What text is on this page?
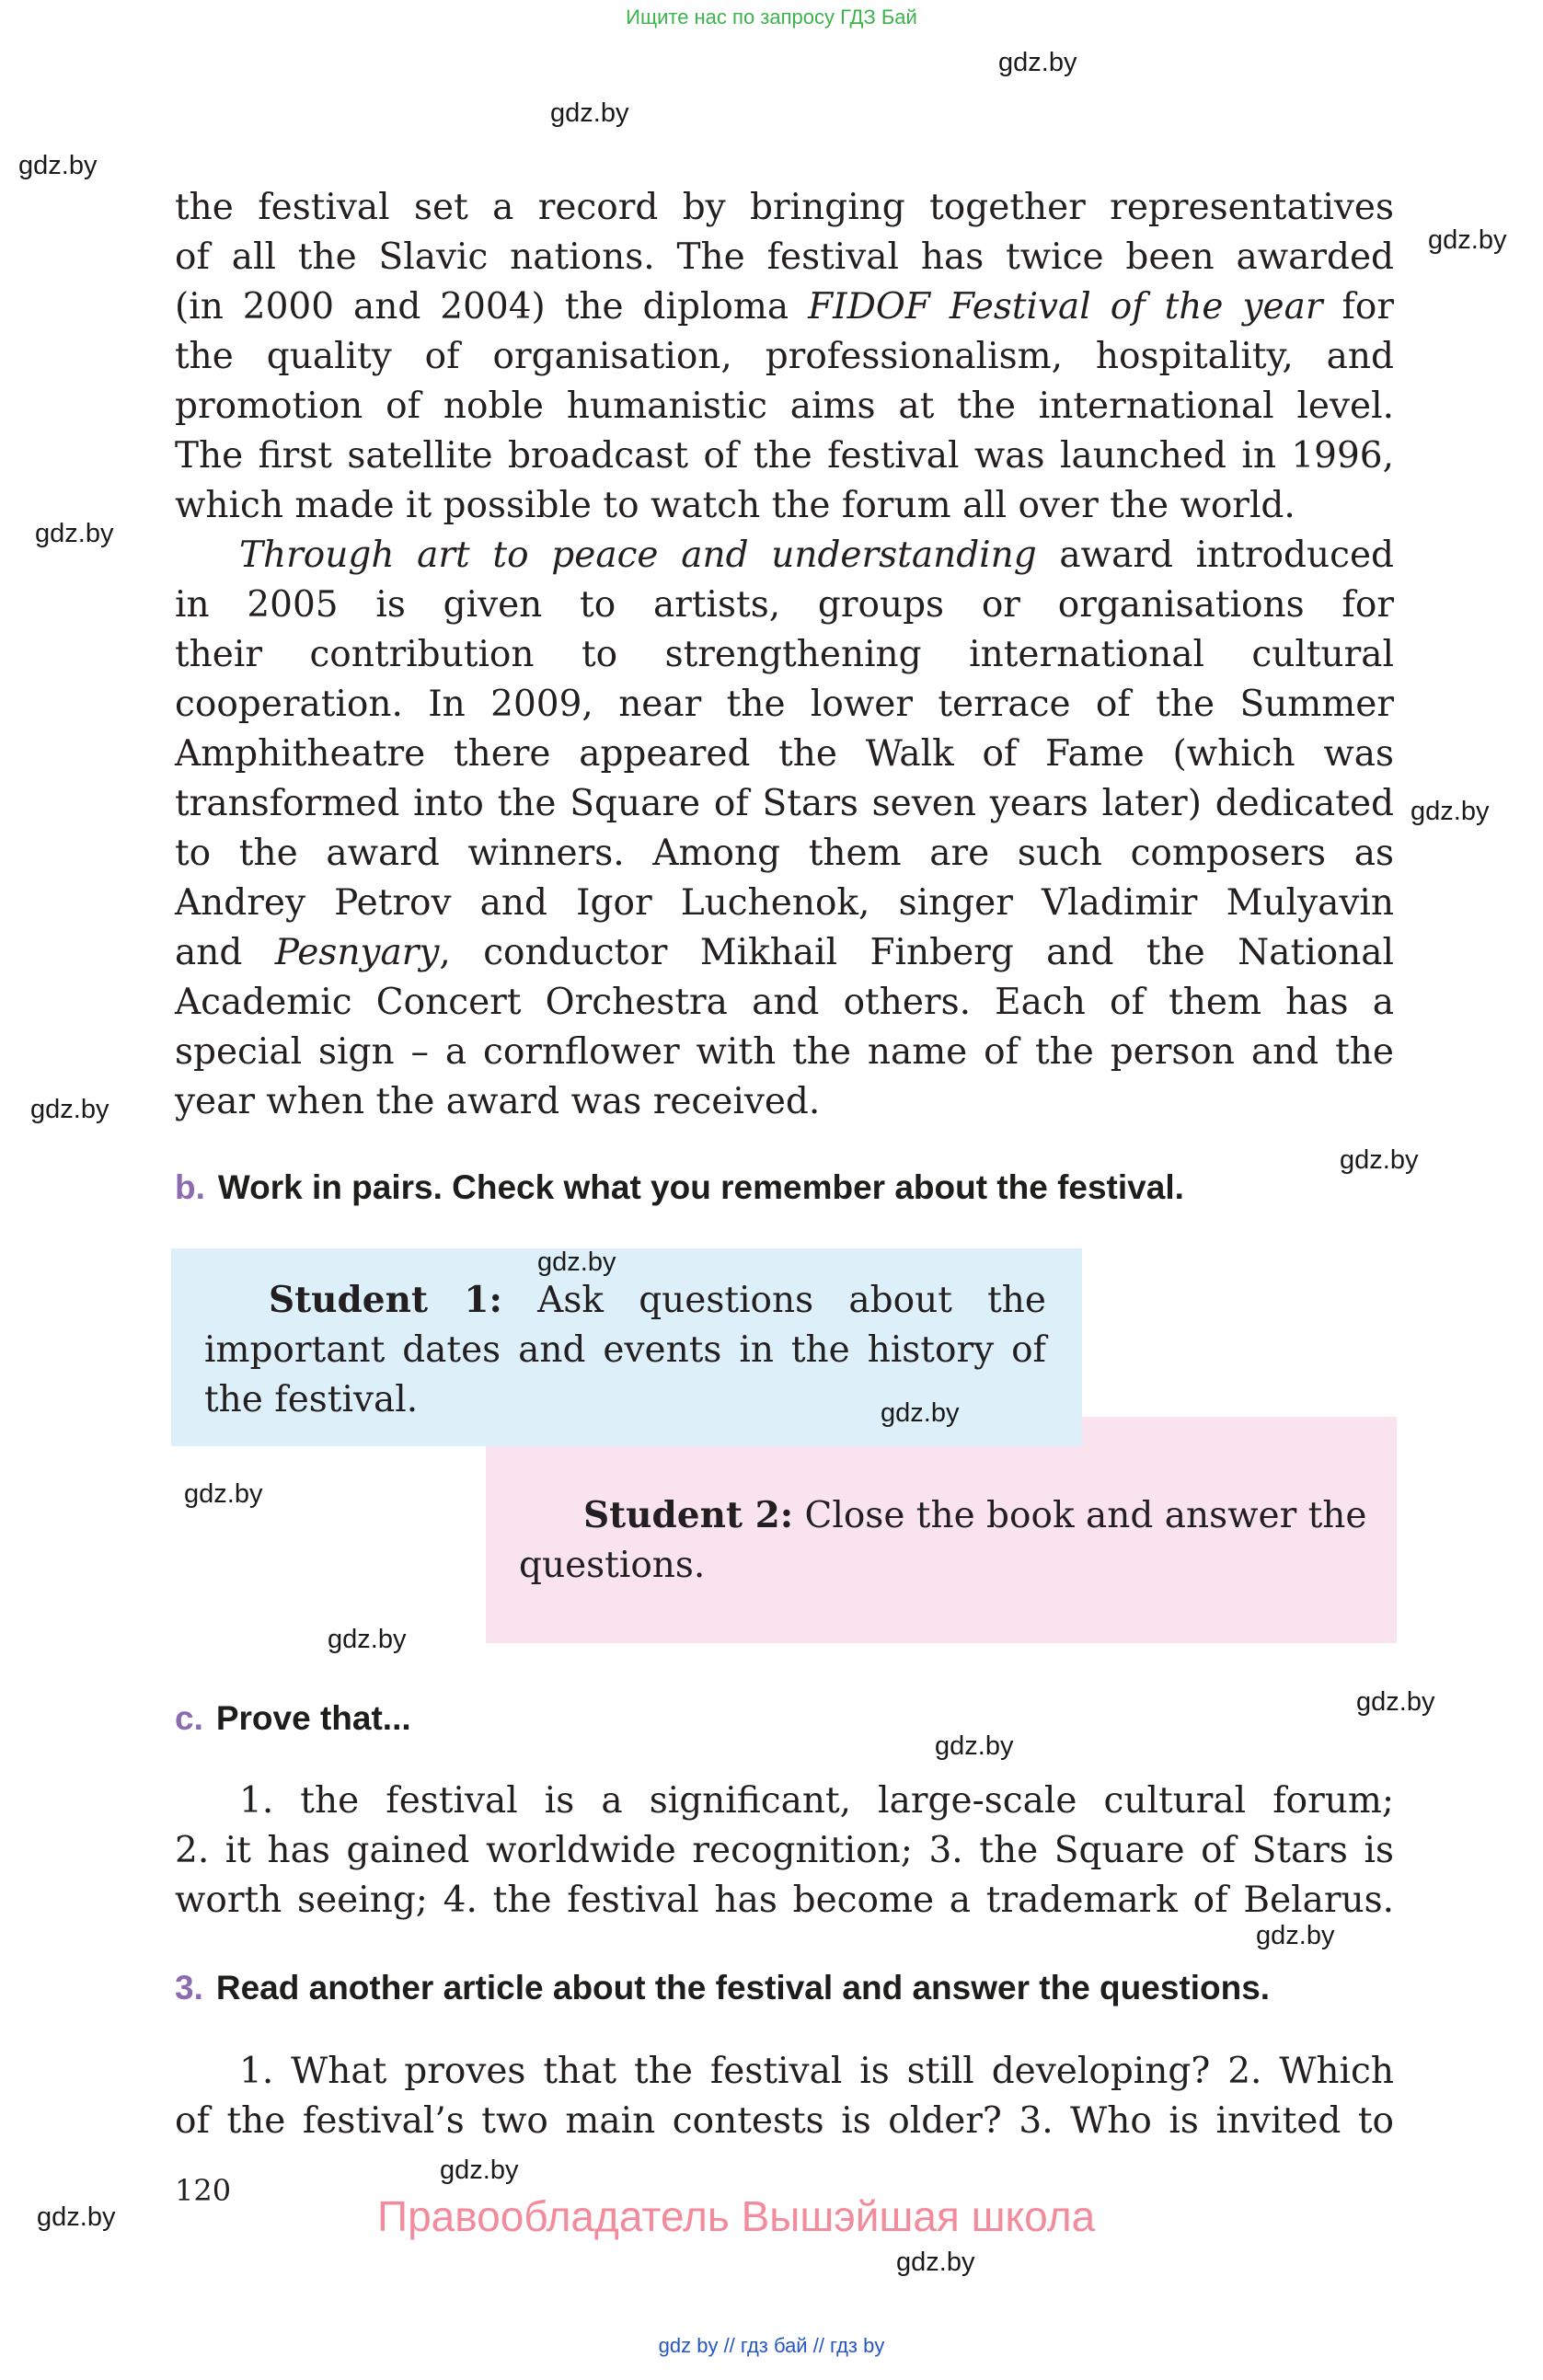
Ищите нас по запросу ГДЗ Бай
gdz.by
gdz.by
gdz.by
gdz.by
gdz.by
gdz.by
gdz.by
gdz.by
gdz.by
gdz.by
gdz.by
gdz.by
gdz.by
gdz.by
gdz.by
gdz.by
gdz.by
gdz.by
the festival set a record by bringing together representatives
of all the Slavic nations. The festival has twice been awarded
(in 2000 and 2004) the diploma FIDOF Festival of the year for
the quality of organisation, professionalism, hospitality, and
promotion of noble humanistic aims at the international level.
The first satellite broadcast of the festival was launched in 1996,
which made it possible to watch the forum all over the world.
Through art to peace and understanding award introduced
in 2005 is given to artists, groups or organisations for
their contribution to strengthening international cultural
cooperation. In 2009, near the lower terrace of the Summer
Amphitheatre there appeared the Walk of Fame (which was
transformed into the Square of Stars seven years later) dedicated
to the award winners. Among them are such composers as
Andrey Petrov and Igor Luchenok, singer Vladimir Mulyavin
and Pesnyary, conductor Mikhail Finberg and the National
Academic Concert Orchestra and others. Each of them has a
special sign – a cornflower with the name of the person and the
year when the award was received.
b. Work in pairs. Check what you remember about the festival.
Student 2: Close the book and answer the
questions.
Student 1: Ask questions about the
important dates and events in the history of
the festival.
c. Prove that...
1. the festival is a significant, large-scale cultural forum;
2. it has gained worldwide recognition; 3. the Square of Stars is
worth seeing; 4. the festival has become a trademark of Belarus.
3. Read another article about the festival and answer the questions.
1. What proves that the festival is still developing? 2. Which
of the festival’s two main contests is older? 3. Who is invited to
120
Правообладатель Вышэйшая школа
gdz by // гдз бай // гдз by
